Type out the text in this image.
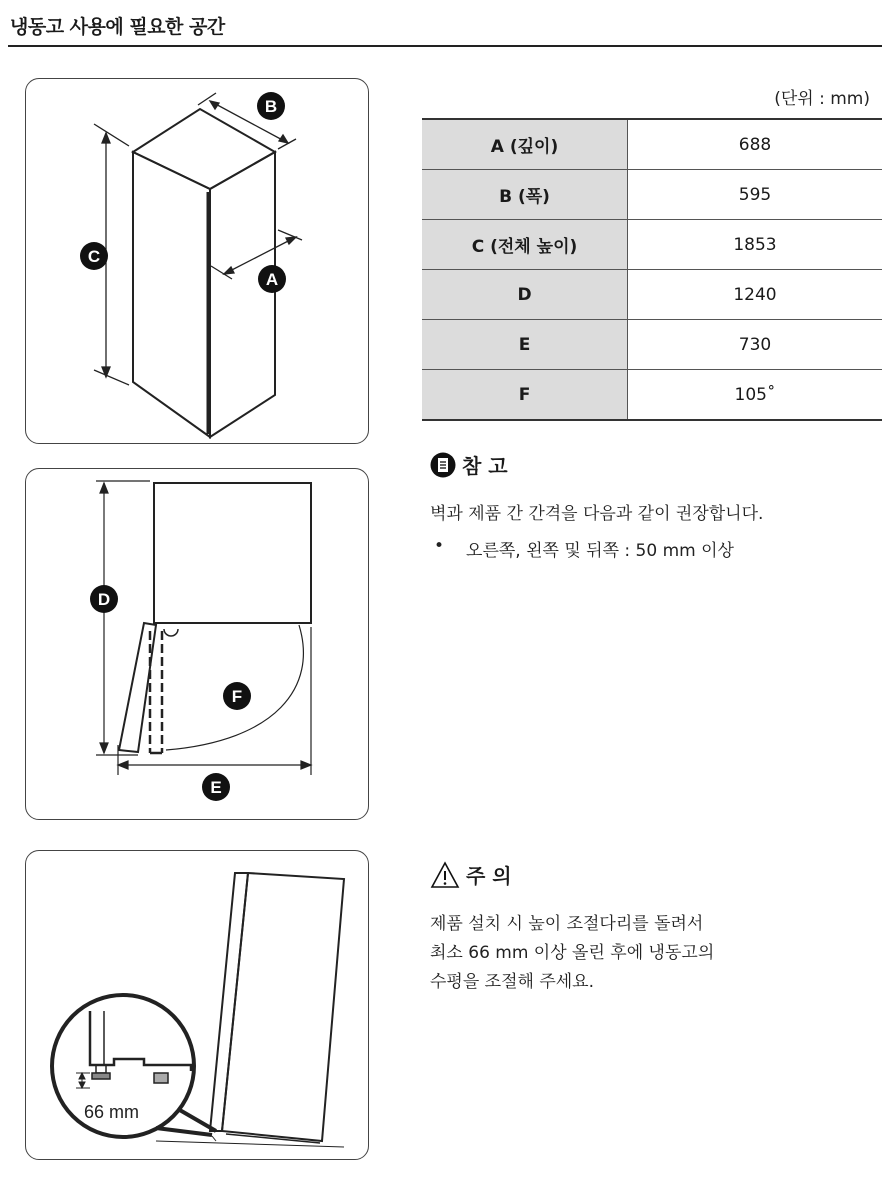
냉동고 사용에 필요한 공간
B
C
A
D
F
E
66 mm
(단위 : mm)
A (깊이)	688
B (폭)	595
C (전체 높이)	1853
D	1240
E	730
F	105˚
참 고
벽과 제품 간 간격을 다음과 같이 권장합니다.
• 오른쪽, 왼쪽 및 뒤쪽 : 50 mm 이상
주 의
제품 설치 시 높이 조절다리를 돌려서
최소 66 mm 이상 올린 후에 냉동고의
수평을 조절해 주세요.
